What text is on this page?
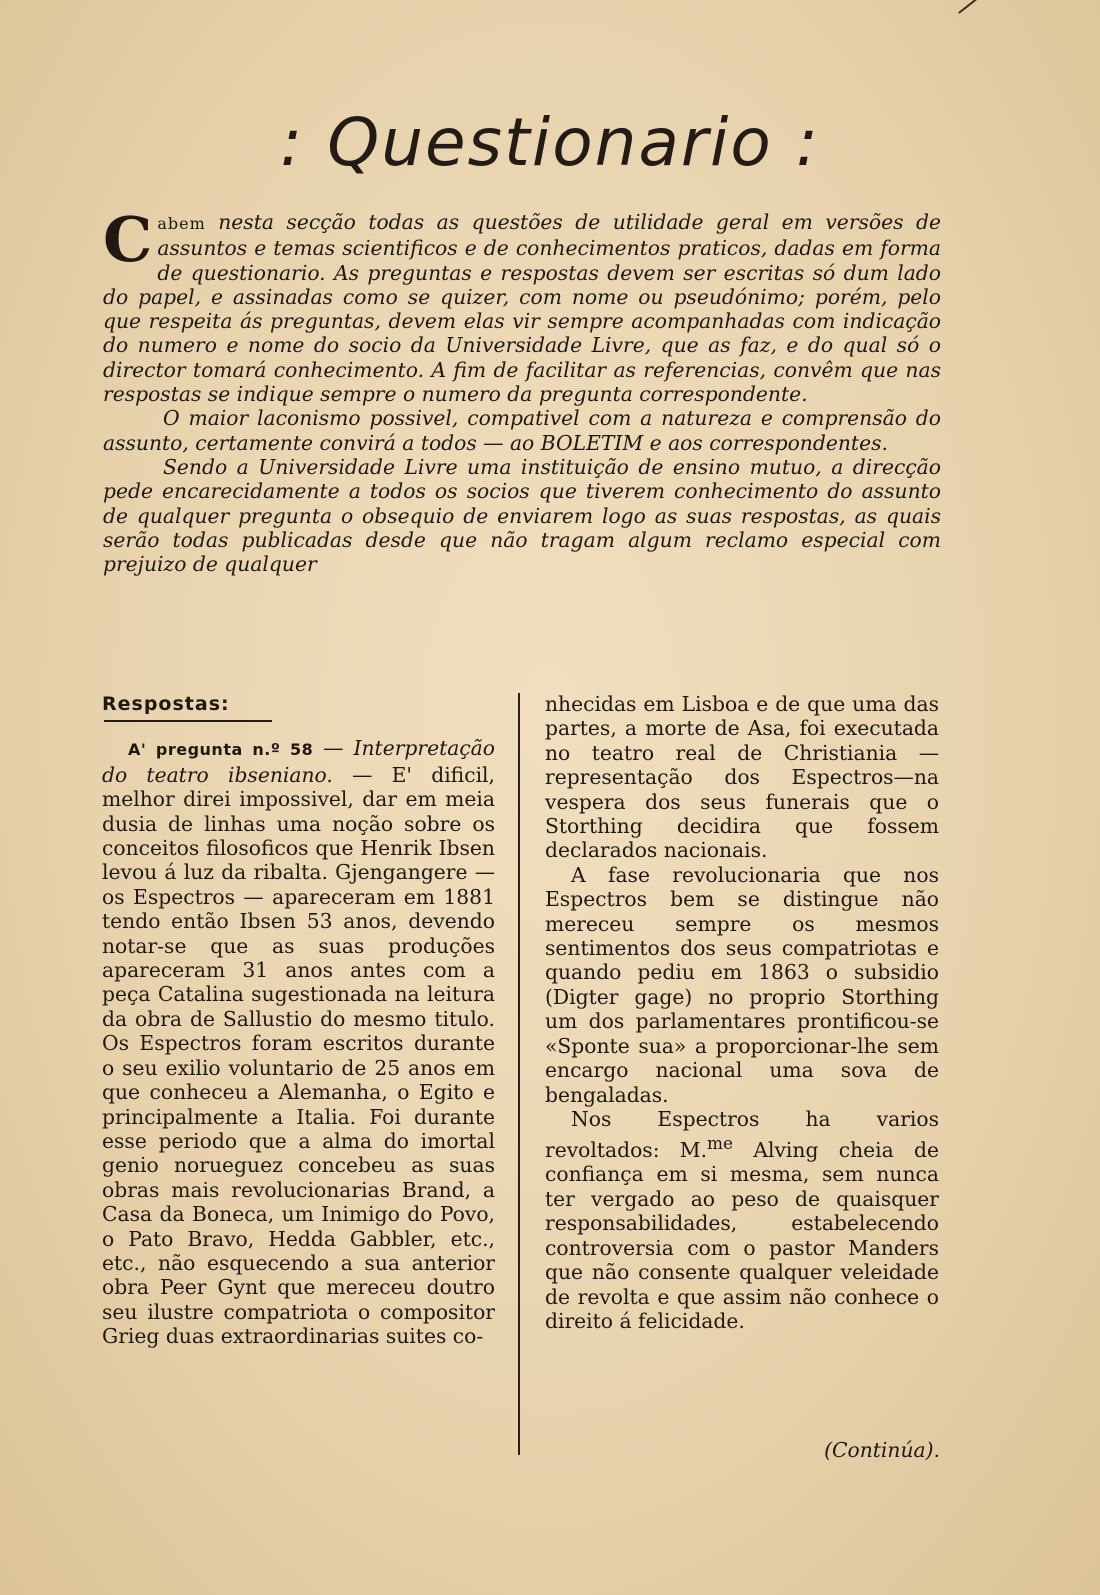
: Questionario :

Cabem nesta secção todas as questões de utilidade geral em versões de assuntos e temas scientificos e de conhecimentos praticos, dadas em forma de questionario. As preguntas e respostas devem ser escritas só dum lado do papel, e assinadas como se quizer, com nome ou pseudónimo; porém, pelo que respeita ás preguntas, devem elas vir sempre acompanhadas com indicação do numero e nome do socio da Universidade Livre, que as faz, e do qual só o director tomará conhecimento. A fim de facilitar as referencias, convêm que nas respostas se indique sempre o numero da pregunta correspondente.

O maior laconismo possivel, compativel com a natureza e comprensão do assunto, certamente convirá a todos — ao BOLETIM e aos correspondentes.

Sendo a Universidade Livre uma instituição de ensino mutuo, a direcção pede encarecidamente a todos os socios que tiverem conhecimento do assunto de qualquer pregunta o obsequio de enviarem logo as suas respostas, as quais serão todas publicadas desde que não tragam algum reclamo especial com prejuizo de qualquer

Respostas:

A' pregunta n.º 58 — Interpretação do teatro ibseniano. — E' dificil, melhor direi impossivel, dar em meia dusia de linhas uma noção sobre os conceitos filosoficos que Henrik Ibsen levou á luz da ribalta. Gjengangere — os Espectros — apareceram em 1881 tendo então Ibsen 53 anos, devendo notar-se que as suas produções apareceram 31 anos antes com a peça Catalina sugestionada na leitura da obra de Sallustio do mesmo titulo. Os Espectros foram escritos durante o seu exilio voluntario de 25 anos em que conheceu a Alemanha, o Egito e principalmente a Italia. Foi durante esse periodo que a alma do imortal genio norueguez concebeu as suas obras mais revolucionarias Brand, a Casa da Boneca, um Inimigo do Povo, o Pato Bravo, Hedda Gabbler, etc., etc., não esquecendo a sua anterior obra Peer Gynt que mereceu doutro seu ilustre compatriota o compositor Grieg duas extraordinarias suites co-

nhecidas em Lisboa e de que uma das partes, a morte de Asa, foi executada no teatro real de Christiania — representação dos Espectros—na vespera dos seus funerais que o Storthing decidira que fossem declarados nacionais.

A fase revolucionaria que nos Espectros bem se distingue não mereceu sempre os mesmos sentimentos dos seus compatriotas e quando pediu em 1863 o subsidio (Digter gage) no proprio Storthing um dos parlamentares prontificou-se «Sponte sua» a proporcionar-lhe sem encargo nacional uma sova de bengaladas.

Nos Espectros ha varios revoltados: M.$^{me}$ Alving cheia de confiança em si mesma, sem nunca ter vergado ao peso de quaisquer responsabilidades, estabelecendo controversia com o pastor Manders que não consente qualquer veleidade de revolta e que assim não conhece o direito á felicidade.

(Continúa).
